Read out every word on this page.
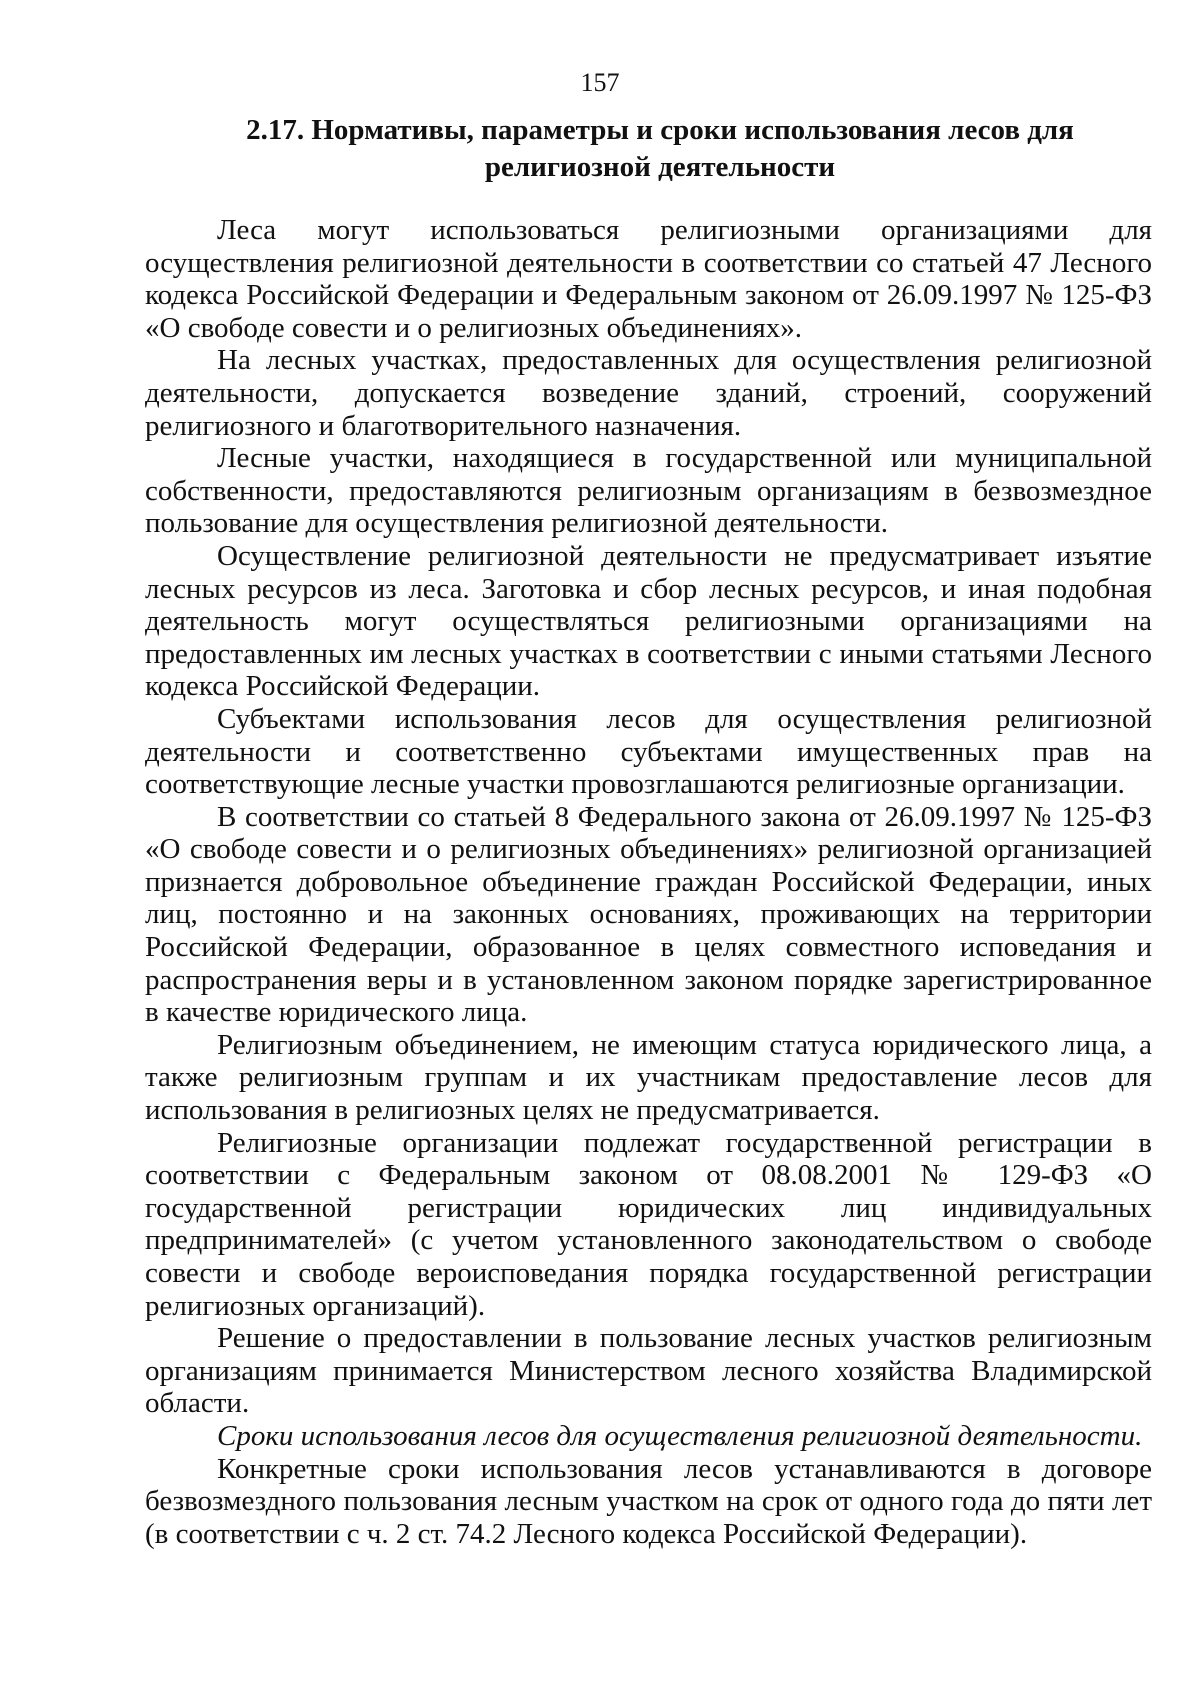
157
2.17. Нормативы, параметры и сроки использования лесов для
религиозной деятельности

Леса могут использоваться религиозными организациями для осуществления религиозной деятельности в соответствии со статьей 47 Лесного кодекса Российской Федерации и Федеральным законом от 26.09.1997 № 125-ФЗ «О свободе совести и о религиозных объединениях».

На лесных участках, предоставленных для осуществления религиозной деятельности, допускается возведение зданий, строений, сооружений религиозного и благотворительного назначения.

Лесные участки, находящиеся в государственной или муниципальной собственности, предоставляются религиозным организациям в безвозмездное пользование для осуществления религиозной деятельности.

Осуществление религиозной деятельности не предусматривает изъятие лесных ресурсов из леса. Заготовка и сбор лесных ресурсов, и иная подобная деятельность могут осуществляться религиозными организациями на предоставленных им лесных участках в соответствии с иными статьями Лесного кодекса Российской Федерации.

Субъектами использования лесов для осуществления религиозной деятельности и соответственно субъектами имущественных прав на соответствующие лесные участки провозглашаются религиозные организации.

В соответствии со статьей 8 Федерального закона от 26.09.1997 № 125-ФЗ «О свободе совести и о религиозных объединениях» религиозной организацией признается добровольное объединение граждан Российской Федерации, иных лиц, постоянно и на законных основаниях, проживающих на территории Российской Федерации, образованное в целях совместного исповедания и распространения веры и в установленном законом порядке зарегистрированное в качестве юридического лица.

Религиозным объединением, не имеющим статуса юридического лица, а также религиозным группам и их участникам предоставление лесов для использования в религиозных целях не предусматривается.

Религиозные организации подлежат государственной регистрации в соответствии с Федеральным законом от 08.08.2001 № 129-ФЗ «О государственной регистрации юридических лиц индивидуальных предпринимателей» (с учетом установленного законодательством о свободе совести и свободе вероисповедания порядка государственной регистрации религиозных организаций).

Решение о предоставлении в пользование лесных участков религиозным организациям принимается Министерством лесного хозяйства Владимирской области.

Сроки использования лесов для осуществления религиозной деятельности.

Конкретные сроки использования лесов устанавливаются в договоре безвозмездного пользования лесным участком на срок от одного года до пяти лет (в соответствии с ч. 2 ст. 74.2 Лесного кодекса Российской Федерации).
